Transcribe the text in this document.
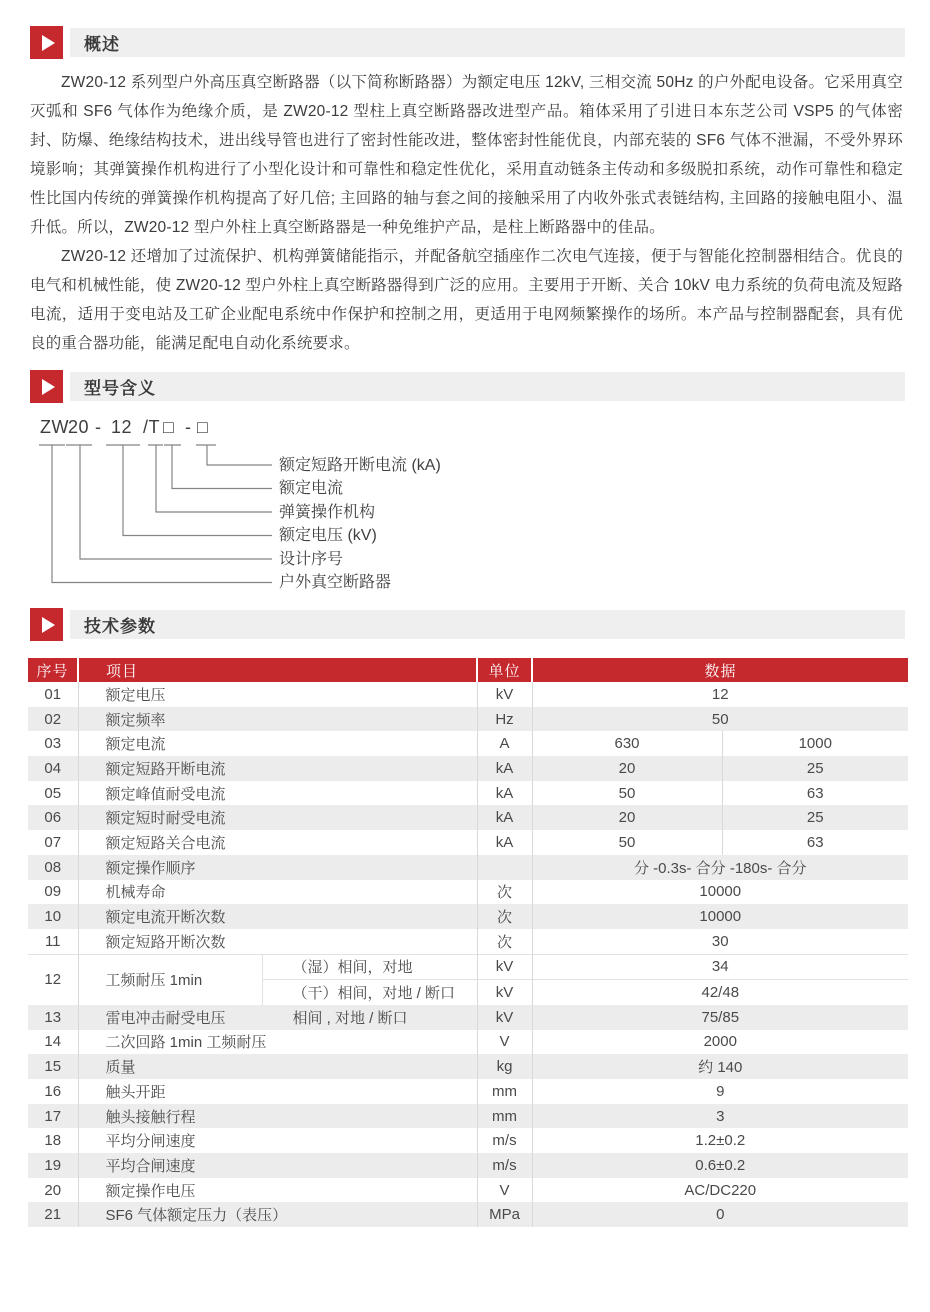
概述

ZW20-12 系列型户外高压真空断路器（以下简称断路器）为额定电压 12kV, 三相交流 50Hz 的户外配电设备。它采用真空灭弧和 SF6 气体作为绝缘介质，是 ZW20-12 型柱上真空断路器改进型产品。箱体采用了引进日本东芝公司 VSP5 的气体密封、防爆、绝缘结构技术，进出线导管也进行了密封性能改进，整体密封性能优良，内部充装的 SF6 气体不泄漏，不受外界环境影响；其弹簧操作机构进行了小型化设计和可靠性和稳定性优化，采用直动链条主传动和多级脱扣系统，动作可靠性和稳定性比国内传统的弹簧操作机构提高了好几倍; 主回路的轴与套之间的接触采用了内收外张式表链结构, 主回路的接触电阻小、温升低。所以，ZW20-12 型户外柱上真空断路器是一种免维护产品，是柱上断路器中的佳品。

ZW20-12 还增加了过流保护、机构弹簧储能指示，并配备航空插座作二次电气连接，便于与智能化控制器相结合。优良的电气和机械性能，使 ZW20-12 型户外柱上真空断路器得到广泛的应用。主要用于开断、关合 10kV 电力系统的负荷电流及短路电流，适用于变电站及工矿企业配电系统中作保护和控制之用，更适用于电网频繁操作的场所。本产品与控制器配套，具有优良的重合器功能，能满足配电自动化系统要求。

型号含义
ZW 20 - 12 /T □ - □
额定短路开断电流 (kA)
额定电流
弹簧操作机构
额定电压 (kV)
设计序号
户外真空断路器
技术参数
序号	项目		单位	数据	
01	额定电压		kV	12	
02	额定频率		Hz	50	
03	额定电流		A	630	1000
04	额定短路开断电流		kA	20	25
05	额定峰值耐受电流		kA	50	63
06	额定短时耐受电流		kA	20	25
07	额定短路关合电流		kA	50	63
08	额定操作顺序			分 -0.3s- 合分 -180s- 合分	
09	机械寿命		次	10000	
10	额定电流开断次数		次	10000	
11	额定短路开断次数		次	30	
12	工频耐压 1min	（湿）相间，对地	kV	34	
		（干）相间，对地 / 断口	kV	42/48	
13	雷电冲击耐受电压 相间 , 对地 / 断口		kV	75/85	
14	二次回路 1min 工频耐压		V	2000	
15	质量		kg	约 140	
16	触头开距		mm	9	
17	触头接触行程		mm	3	
18	平均分闸速度		m/s	1.2±0.2	
19	平均合闸速度		m/s	0.6±0.2	
20	额定操作电压		V	AC/DC220	
21	SF6 气体额定压力（表压）		MPa	0	
